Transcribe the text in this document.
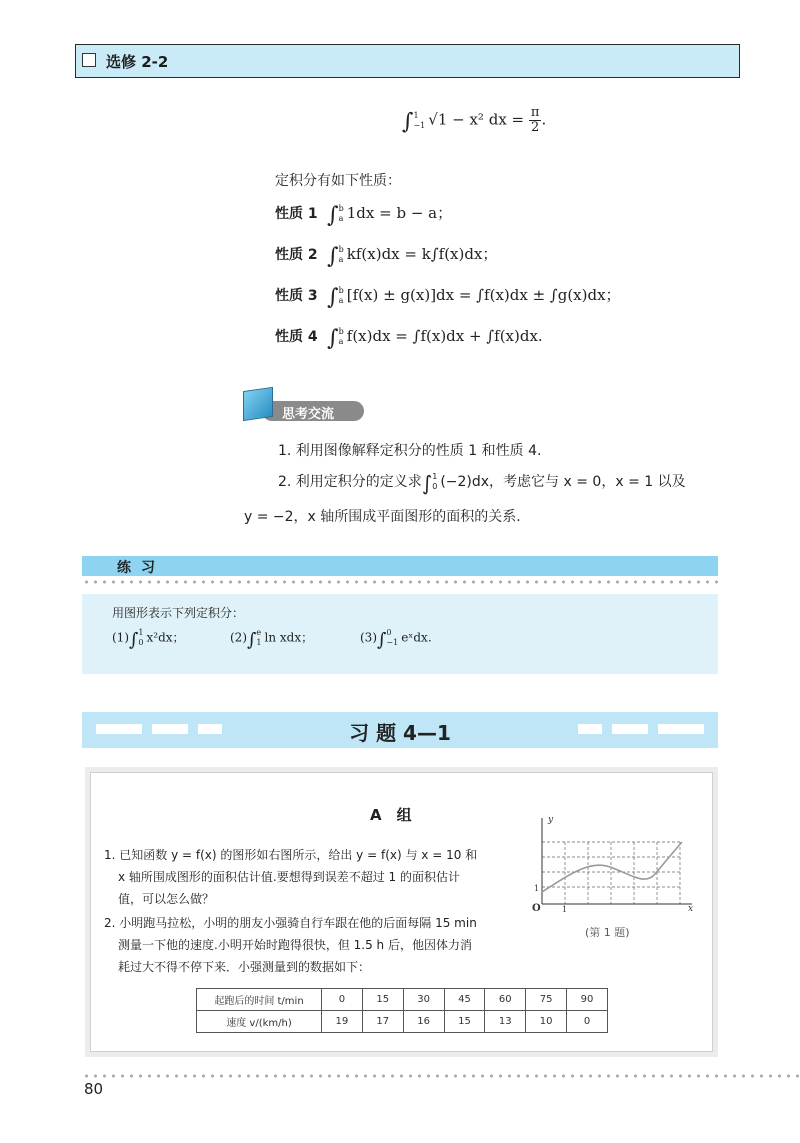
选修 2-2
∫1
−1 √1 − x² dx = $\frac{\pi}{2}$ .
定积分有如下性质：
性质 1 ∫b
a 1dx = b − a；
性质 2 ∫b
a kf(x)dx = k∫f(x)dx；
性质 3 ∫b
a [f(x) ± g(x)]dx = ∫f(x)dx ± ∫g(x)dx；
性质 4 ∫b
a f(x)dx = ∫f(x)dx + ∫f(x)dx.
思考交流
1. 利用图像解释定积分的性质 1 和性质 4.
2. 利用定积分的定义求∫1
0 (−2)dx，考虑它与 x = 0，x = 1 以及
y = −2，x 轴所围成平面图形的面积的关系.
练习
用图形表示下列定积分：
(1)∫1
0 x²dx；	(2)∫e
1 ln xdx；	(3)∫0
−1 eˣdx.
习 题 4—1
A　组
1. 已知函数 y = f(x) 的图形如右图所示，给出 y = f(x) 与 x = 10 和
x 轴所围成图形的面积估计值.要想得到误差不超过 1 的面积估计
值，可以怎么做？
2. 小明跑马拉松，小明的朋友小强骑自行车跟在他的后面每隔 15 min
测量一下他的速度.小明开始时跑得很快，但 1.5 h 后，他因体力消
耗过大不得不停下来．小强测量到的数据如下：
y
x
O	1
1
(第 1 题)
起跑后的时间 t/min	0	15	30	45	60	75	90
速度 v/(km/h)	19	17	16	15	13	10	0
80
